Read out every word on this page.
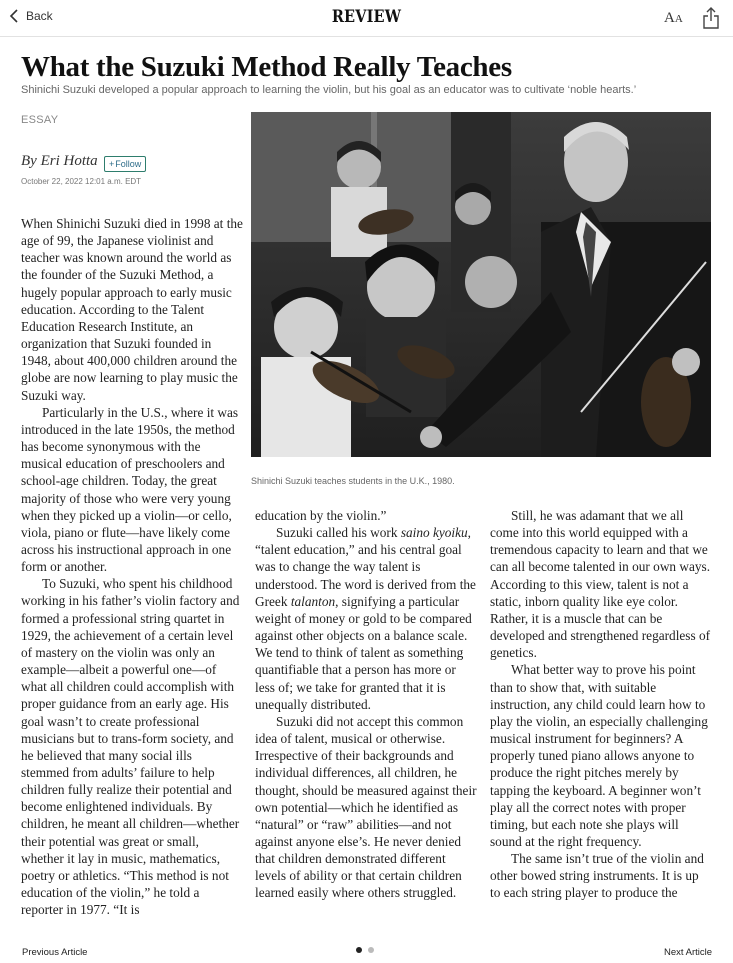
Back	REVIEW	AA
What the Suzuki Method Really Teaches
Shinichi Suzuki developed a popular approach to learning the violin, but his goal as an educator was to cultivate ‘noble hearts.’
ESSAY
By Eri Hotta + Follow
October 22, 2022 12:01 a.m. EDT
Shinichi Suzuki teaches students in the U.K., 1980.

When Shinichi Suzuki died in 1998 at the age of 99, the Japanese violinist and teacher was known around the world as the founder of the Suzuki Method, a hugely popular approach to early music education. According to the Talent Education Research Institute, an organization that Suzuki founded in 1948, about 400,000 children around the globe are now learning to play music the Suzuki way.

Particularly in the U.S., where it was introduced in the late 1950s, the method has become synonymous with the musical education of preschoolers and school-age children. Today, the great majority of those who were very young when they picked up a violin—or cello, viola, piano or flute—have likely come across his instructional approach in one form or another.

To Suzuki, who spent his childhood working in his father’s violin factory and formed a professional string quartet in 1929, the achievement of a certain level of mastery on the violin was only an example—albeit a powerful one—of what all children could accomplish with proper guidance from an early age. His goal wasn’t to create professional musicians but to trans-form society, and he believed that many social ills stemmed from adults’ failure to help children fully realize their potential and become enlightened individuals. By children, he meant all children—whether their potential was great or small, whether it lay in music, mathematics, poetry or athletics. “This method is not education of the violin,” he told a reporter in 1977. “It is

education by the violin.”

Suzuki called his work saino kyoiku, “talent education,” and his central goal was to change the way talent is understood. The word is derived from the Greek talanton, signifying a particular weight of money or gold to be compared against other objects on a balance scale. We tend to think of talent as something quantifiable that a person has more or less of; we take for granted that it is unequally distributed.

Suzuki did not accept this common idea of talent, musical or otherwise. Irrespective of their backgrounds and individual differences, all children, he thought, should be measured against their own potential—which he identified as “natural” or “raw” abilities—and not against anyone else’s. He never denied that children demonstrated different levels of ability or that certain children learned easily where others struggled.

Still, he was adamant that we all come into this world equipped with a tremendous capacity to learn and that we can all become talented in our own ways. According to this view, talent is not a static, inborn quality like eye color. Rather, it is a muscle that can be developed and strengthened regardless of genetics.

What better way to prove his point than to show that, with suitable instruction, any child could learn how to play the violin, an especially challenging musical instrument for beginners? A properly tuned piano allows anyone to produce the right pitches merely by tapping the keyboard. A beginner won’t play all the correct notes with proper timing, but each note she plays will sound at the right frequency.

The same isn’t true of the violin and other bowed string instruments. It is up to each string player to produce the

Previous Article	Next Article
